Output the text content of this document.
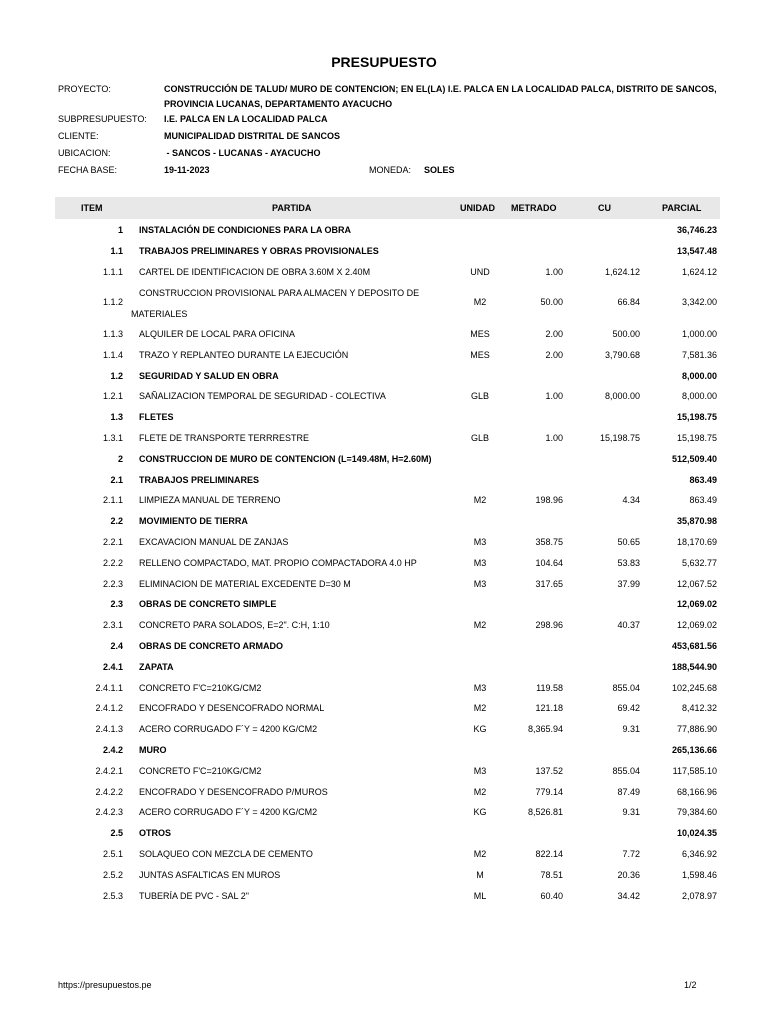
PRESUPUESTO
PROYECTO:	CONSTRUCCIÓN DE TALUD/ MURO DE CONTENCION; EN EL(LA) I.E. PALCA EN LA LOCALIDAD PALCA, DISTRITO DE SANCOS, PROVINCIA LUCANAS, DEPARTAMENTO AYACUCHO
SUBPRESUPUESTO: I.E. PALCA EN LA LOCALIDAD PALCA
CLIENTE:	MUNICIPALIDAD DISTRITAL DE SANCOS
UBICACION:	- SANCOS - LUCANAS - AYACUCHO
FECHA BASE:	19-11-2023	MONEDA: SOLES
ITEM	PARTIDA	UNIDAD METRADO	CU	PARCIAL
1 INSTALACIÓN DE CONDICIONES PARA LA OBRA	36,746.23
1.1 TRABAJOS PRELIMINARES Y OBRAS PROVISIONALES	13,547.48
1.1.1 CARTEL DE IDENTIFICACION DE OBRA 3.60M X 2.40M	UND	1.00	1,624.12	1,624.12
1.1.2
CONSTRUCCION PROVISIONAL PARA ALMACEN Y DEPOSITO DE MATERIALES
M2	50.00	66.84	3,342.00
1.1.3 ALQUILER DE LOCAL PARA OFICINA	MES	2.00	500.00	1,000.00
1.1.4 TRAZO Y REPLANTEO DURANTE LA EJECUCIÓN	MES	2.00	3,790.68	7,581.36
1.2 SEGURIDAD Y SALUD EN OBRA	8,000.00
1.2.1 SAÑALIZACION TEMPORAL DE SEGURIDAD - COLECTIVA	GLB	1.00	8,000.00	8,000.00
1.3 FLETES	15,198.75
1.3.1 FLETE DE TRANSPORTE TERRRESTRE	GLB	1.00	15,198.75	15,198.75
2 CONSTRUCCION DE MURO DE CONTENCION (L=149.48M, H=2.60M)	512,509.40
2.1 TRABAJOS PRELIMINARES	863.49
2.1.1 LIMPIEZA MANUAL DE TERRENO	M2	198.96	4.34	863.49
2.2 MOVIMIENTO DE TIERRA	35,870.98
2.2.1 EXCAVACION MANUAL DE ZANJAS	M3	358.75	50.65	18,170.69
2.2.2 RELLENO COMPACTADO, MAT. PROPIO COMPACTADORA 4.0 HP	M3	104.64	53.83	5,632.77
2.2.3 ELIMINACION DE MATERIAL EXCEDENTE D=30 M	M3	317.65	37.99	12,067.52
2.3 OBRAS DE CONCRETO SIMPLE	12,069.02
2.3.1 CONCRETO PARA SOLADOS, E=2". C:H, 1:10	M2	298.96	40.37	12,069.02
2.4 OBRAS DE CONCRETO ARMADO	453,681.56
2.4.1 ZAPATA	188,544.90
2.4.1.1 CONCRETO F'C=210KG/CM2	M3	119.58	855.04	102,245.68
2.4.1.2 ENCOFRADO Y DESENCOFRADO NORMAL	M2	121.18	69.42	8,412.32
2.4.1.3 ACERO CORRUGADO F´Y = 4200 KG/CM2	KG	8,365.94	9.31	77,886.90
2.4.2 MURO	265,136.66
2.4.2.1 CONCRETO F'C=210KG/CM2	M3	137.52	855.04	117,585.10
2.4.2.2 ENCOFRADO Y DESENCOFRADO P/MUROS	M2	779.14	87.49	68,166.96
2.4.2.3 ACERO CORRUGADO F´Y = 4200 KG/CM2	KG	8,526.81	9.31	79,384.60
2.5 OTROS	10,024.35
2.5.1 SOLAQUEO CON MEZCLA DE CEMENTO	M2	822.14	7.72	6,346.92
2.5.2 JUNTAS ASFALTICAS EN MUROS	M	78.51	20.36	1,598.46
2.5.3 TUBERÍA DE PVC - SAL 2"	ML	60.40	34.42	2,078.97
https://presupuestos.pe	1/2
